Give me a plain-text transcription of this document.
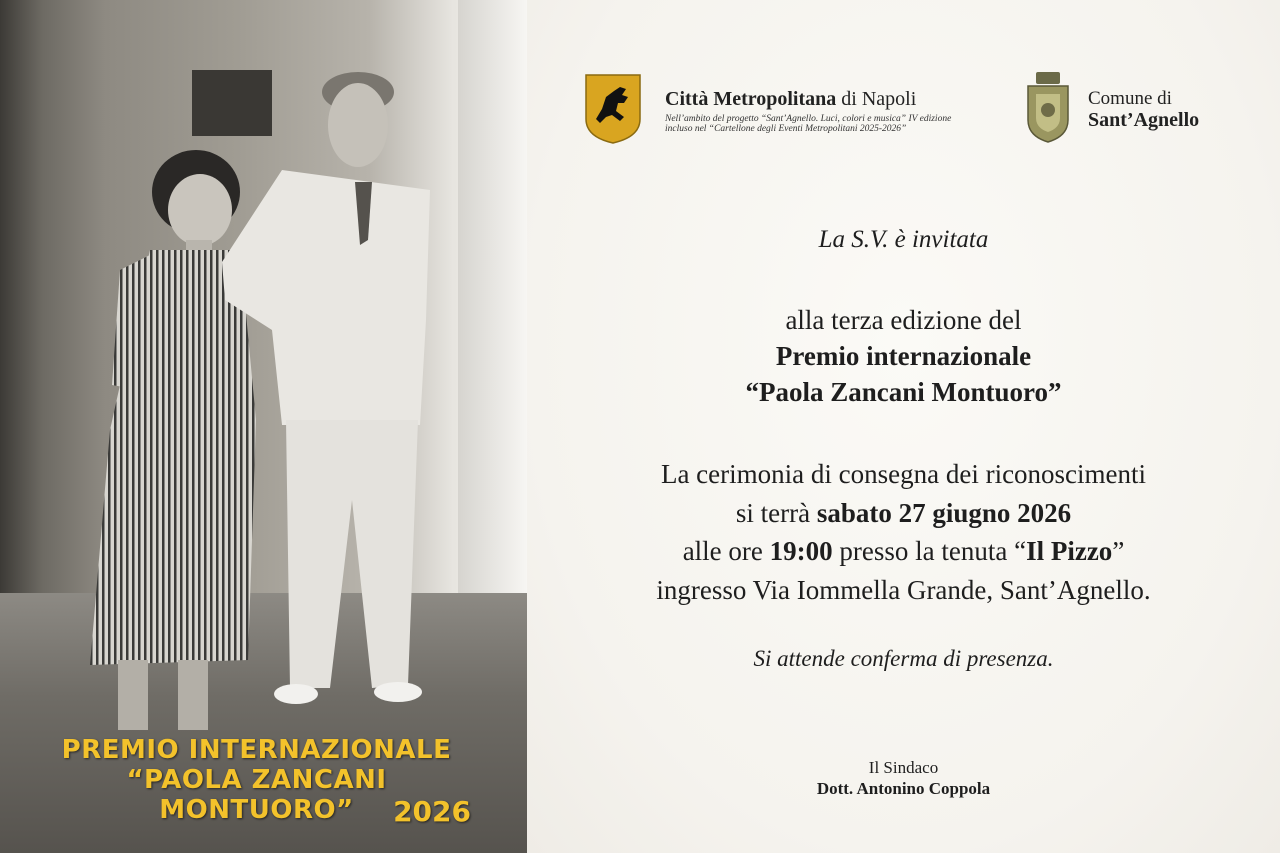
PREMIO INTERNAZIONALE
“PAOLA ZANCANI MONTUORO”	2026
Città Metropolitana di Napoli
Nell’ambito del progetto “Sant’Agnello. Luci, colori e musica” IV edizione
incluso nel “Cartellone degli Eventi Metropolitani 2025-2026”
Comune di
Sant’Agnello
La S.V. è invitata
alla terza edizione del
Premio internazionale
“Paola Zancani Montuoro”
La cerimonia di consegna dei riconoscimenti
si terrà sabato 27 giugno 2026
alle ore 19:00 presso la tenuta “Il Pizzo”
ingresso Via Iommella Grande, Sant’Agnello.
Si attende conferma di presenza.
Il Sindaco
Dott. Antonino Coppola
